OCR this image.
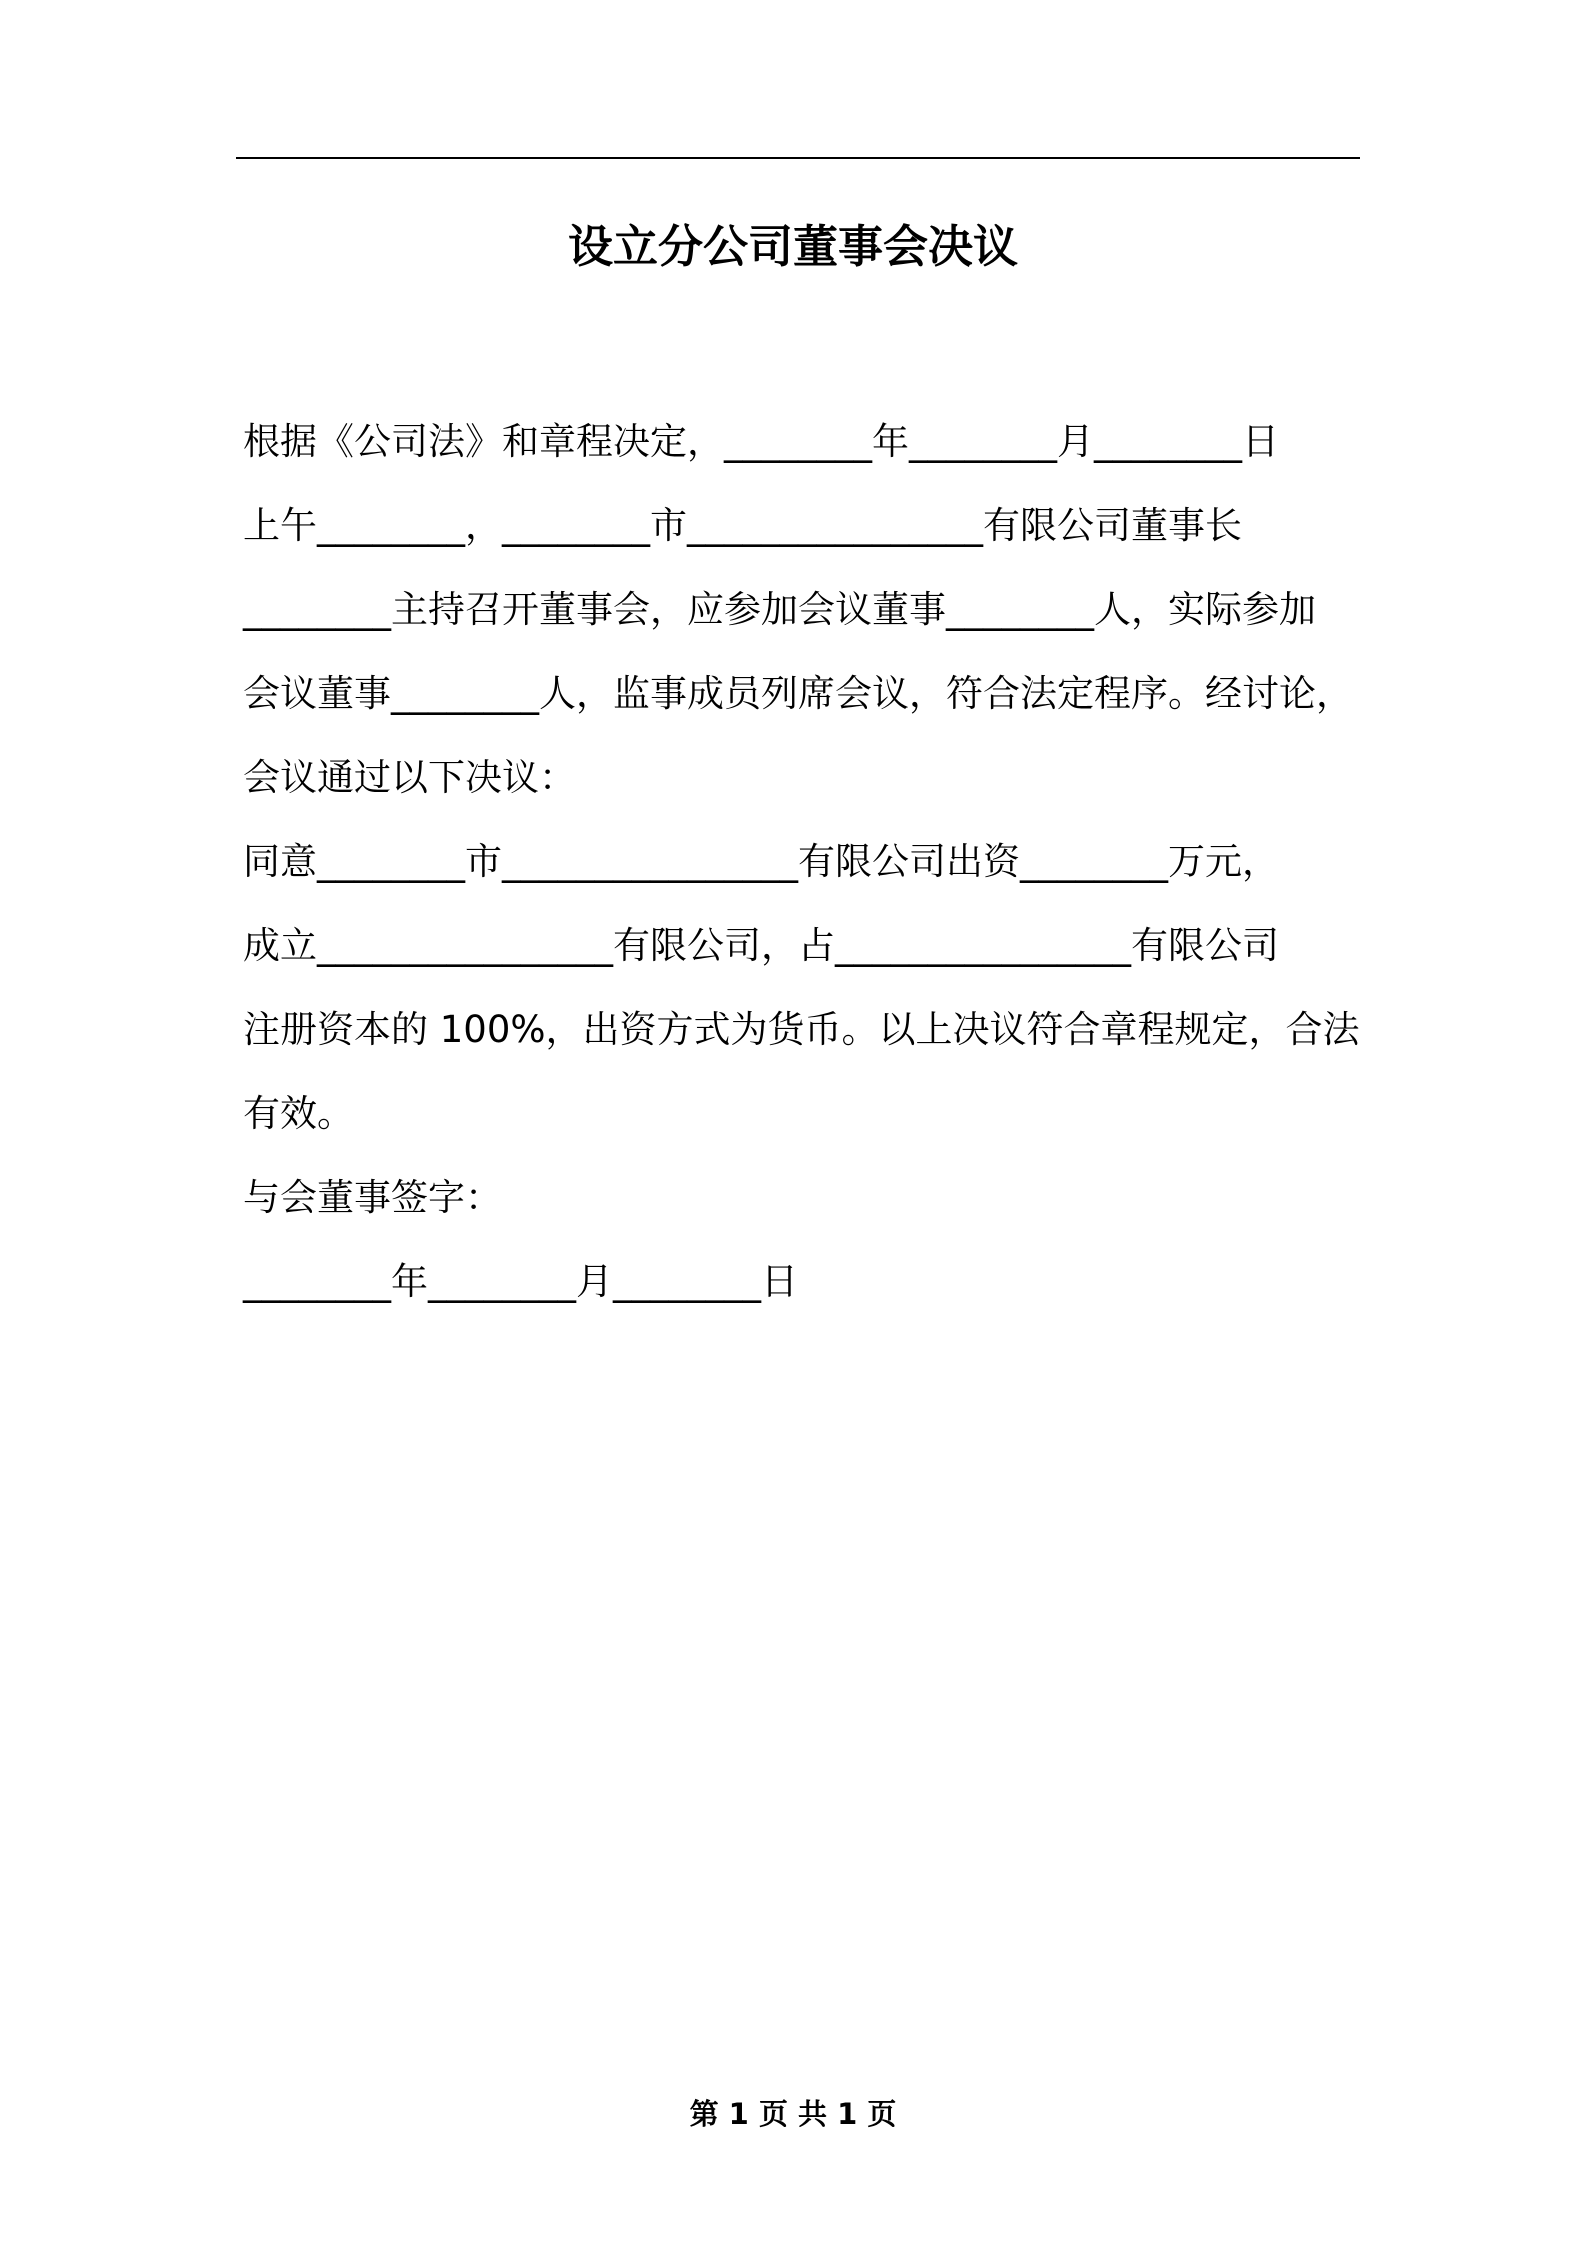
设立分公司董事会决议
根据《公司法》和章程决定，________年________月________日
上午________，________市________________有限公司董事长
________主持召开董事会，应参加会议董事________人，实际参加
会议董事________人，监事成员列席会议，符合法定程序。经讨论，
会议通过以下决议：
同意________市________________有限公司出资________万元，
成立________________有限公司，占________________有限公司
注册资本的 100%，出资方式为货币。以上决议符合章程规定，合法
有效。
与会董事签字：
________年________月________日
第 1 页 共 1 页
